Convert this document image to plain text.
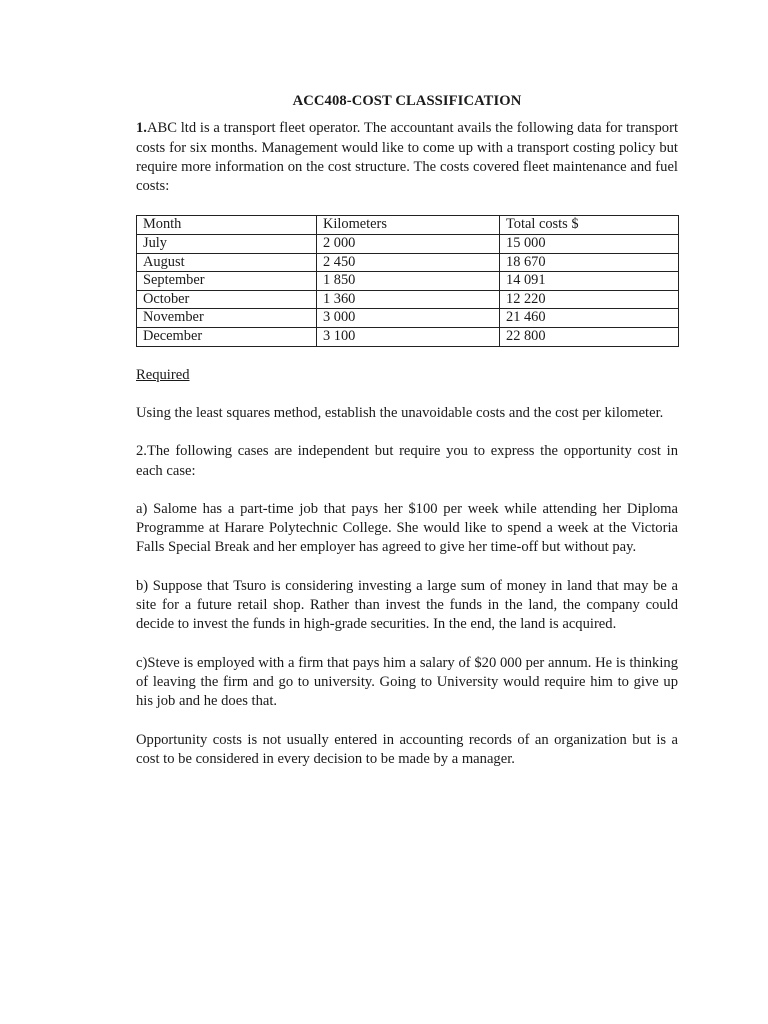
ACC408-COST CLASSIFICATION

1.ABC ltd is a transport fleet operator. The accountant avails the following data for transport costs for six months. Management would like to come up with a transport costing policy but require more information on the cost structure. The costs covered fleet maintenance and fuel costs:

Month	Kilometers	Total costs $
July	2 000	15 000
August	2 450	18 670
September	1 850	14 091
October	1 360	12 220
November	3 000	21 460
December	3 100	22 800

Required

Using the least squares method, establish the unavoidable costs and the cost per kilometer.

2.The following cases are independent but require you to express the opportunity cost in each case:

a) Salome has a part-time job that pays her $100 per week while attending her Diploma Programme at Harare Polytechnic College. She would like to spend a week at the Victoria Falls Special Break and her employer has agreed to give her time-off but without pay.

b) Suppose that Tsuro is considering investing a large sum of money in land that may be a site for a future retail shop. Rather than invest the funds in the land, the company could decide to invest the funds in high-grade securities. In the end, the land is acquired.

c)Steve is employed with a firm that pays him a salary of $20 000 per annum. He is thinking of leaving the firm and go to university. Going to University would require him to give up his job and he does that.

Opportunity costs is not usually entered in accounting records of an organization but is a cost to be considered in every decision to be made by a manager.
